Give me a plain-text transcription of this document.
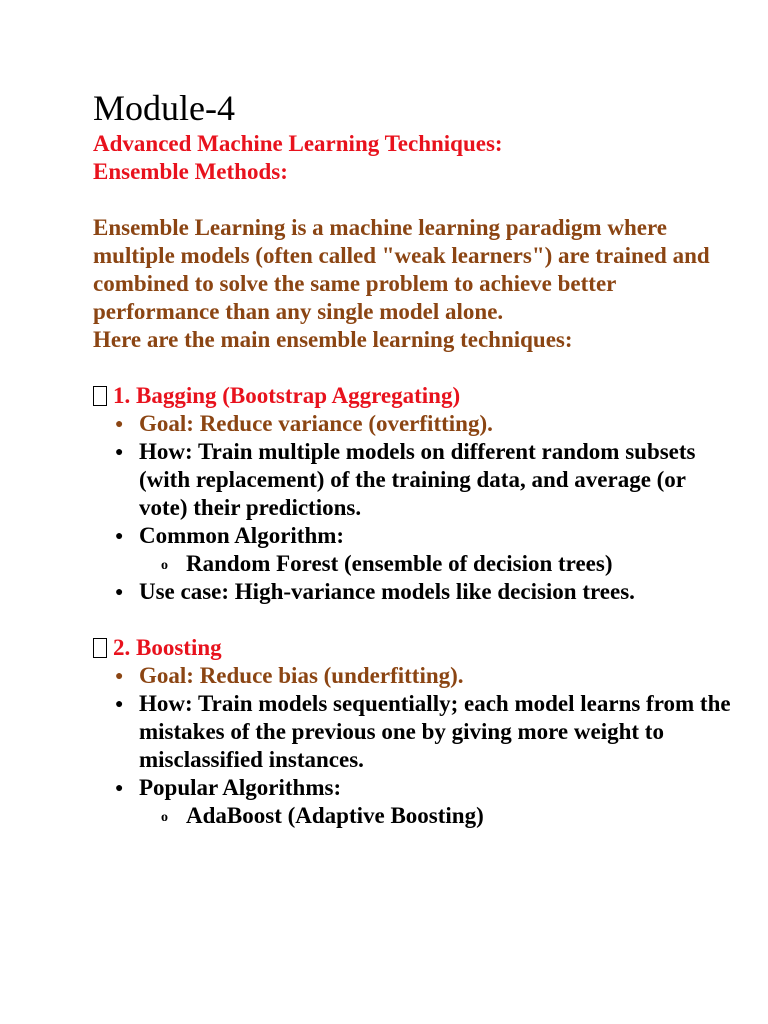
Module-4
Advanced Machine Learning Techniques:
Ensemble Methods:
Ensemble Learning is a machine learning paradigm where multiple models (often called "weak learners") are trained and combined to solve the same problem to achieve better performance than any single model alone.
Here are the main ensemble learning techniques:
1. Bagging (Bootstrap Aggregating)
● Goal: Reduce variance (overfitting).
● How: Train multiple models on different random subsets (with replacement) of the training data, and average (or vote) their predictions.
● Common Algorithm:
o Random Forest (ensemble of decision trees)
● Use case: High-variance models like decision trees.
2. Boosting
● Goal: Reduce bias (underfitting).
● How: Train models sequentially; each model learns from the mistakes of the previous one by giving more weight to misclassified instances.
● Popular Algorithms:
o AdaBoost (Adaptive Boosting)
